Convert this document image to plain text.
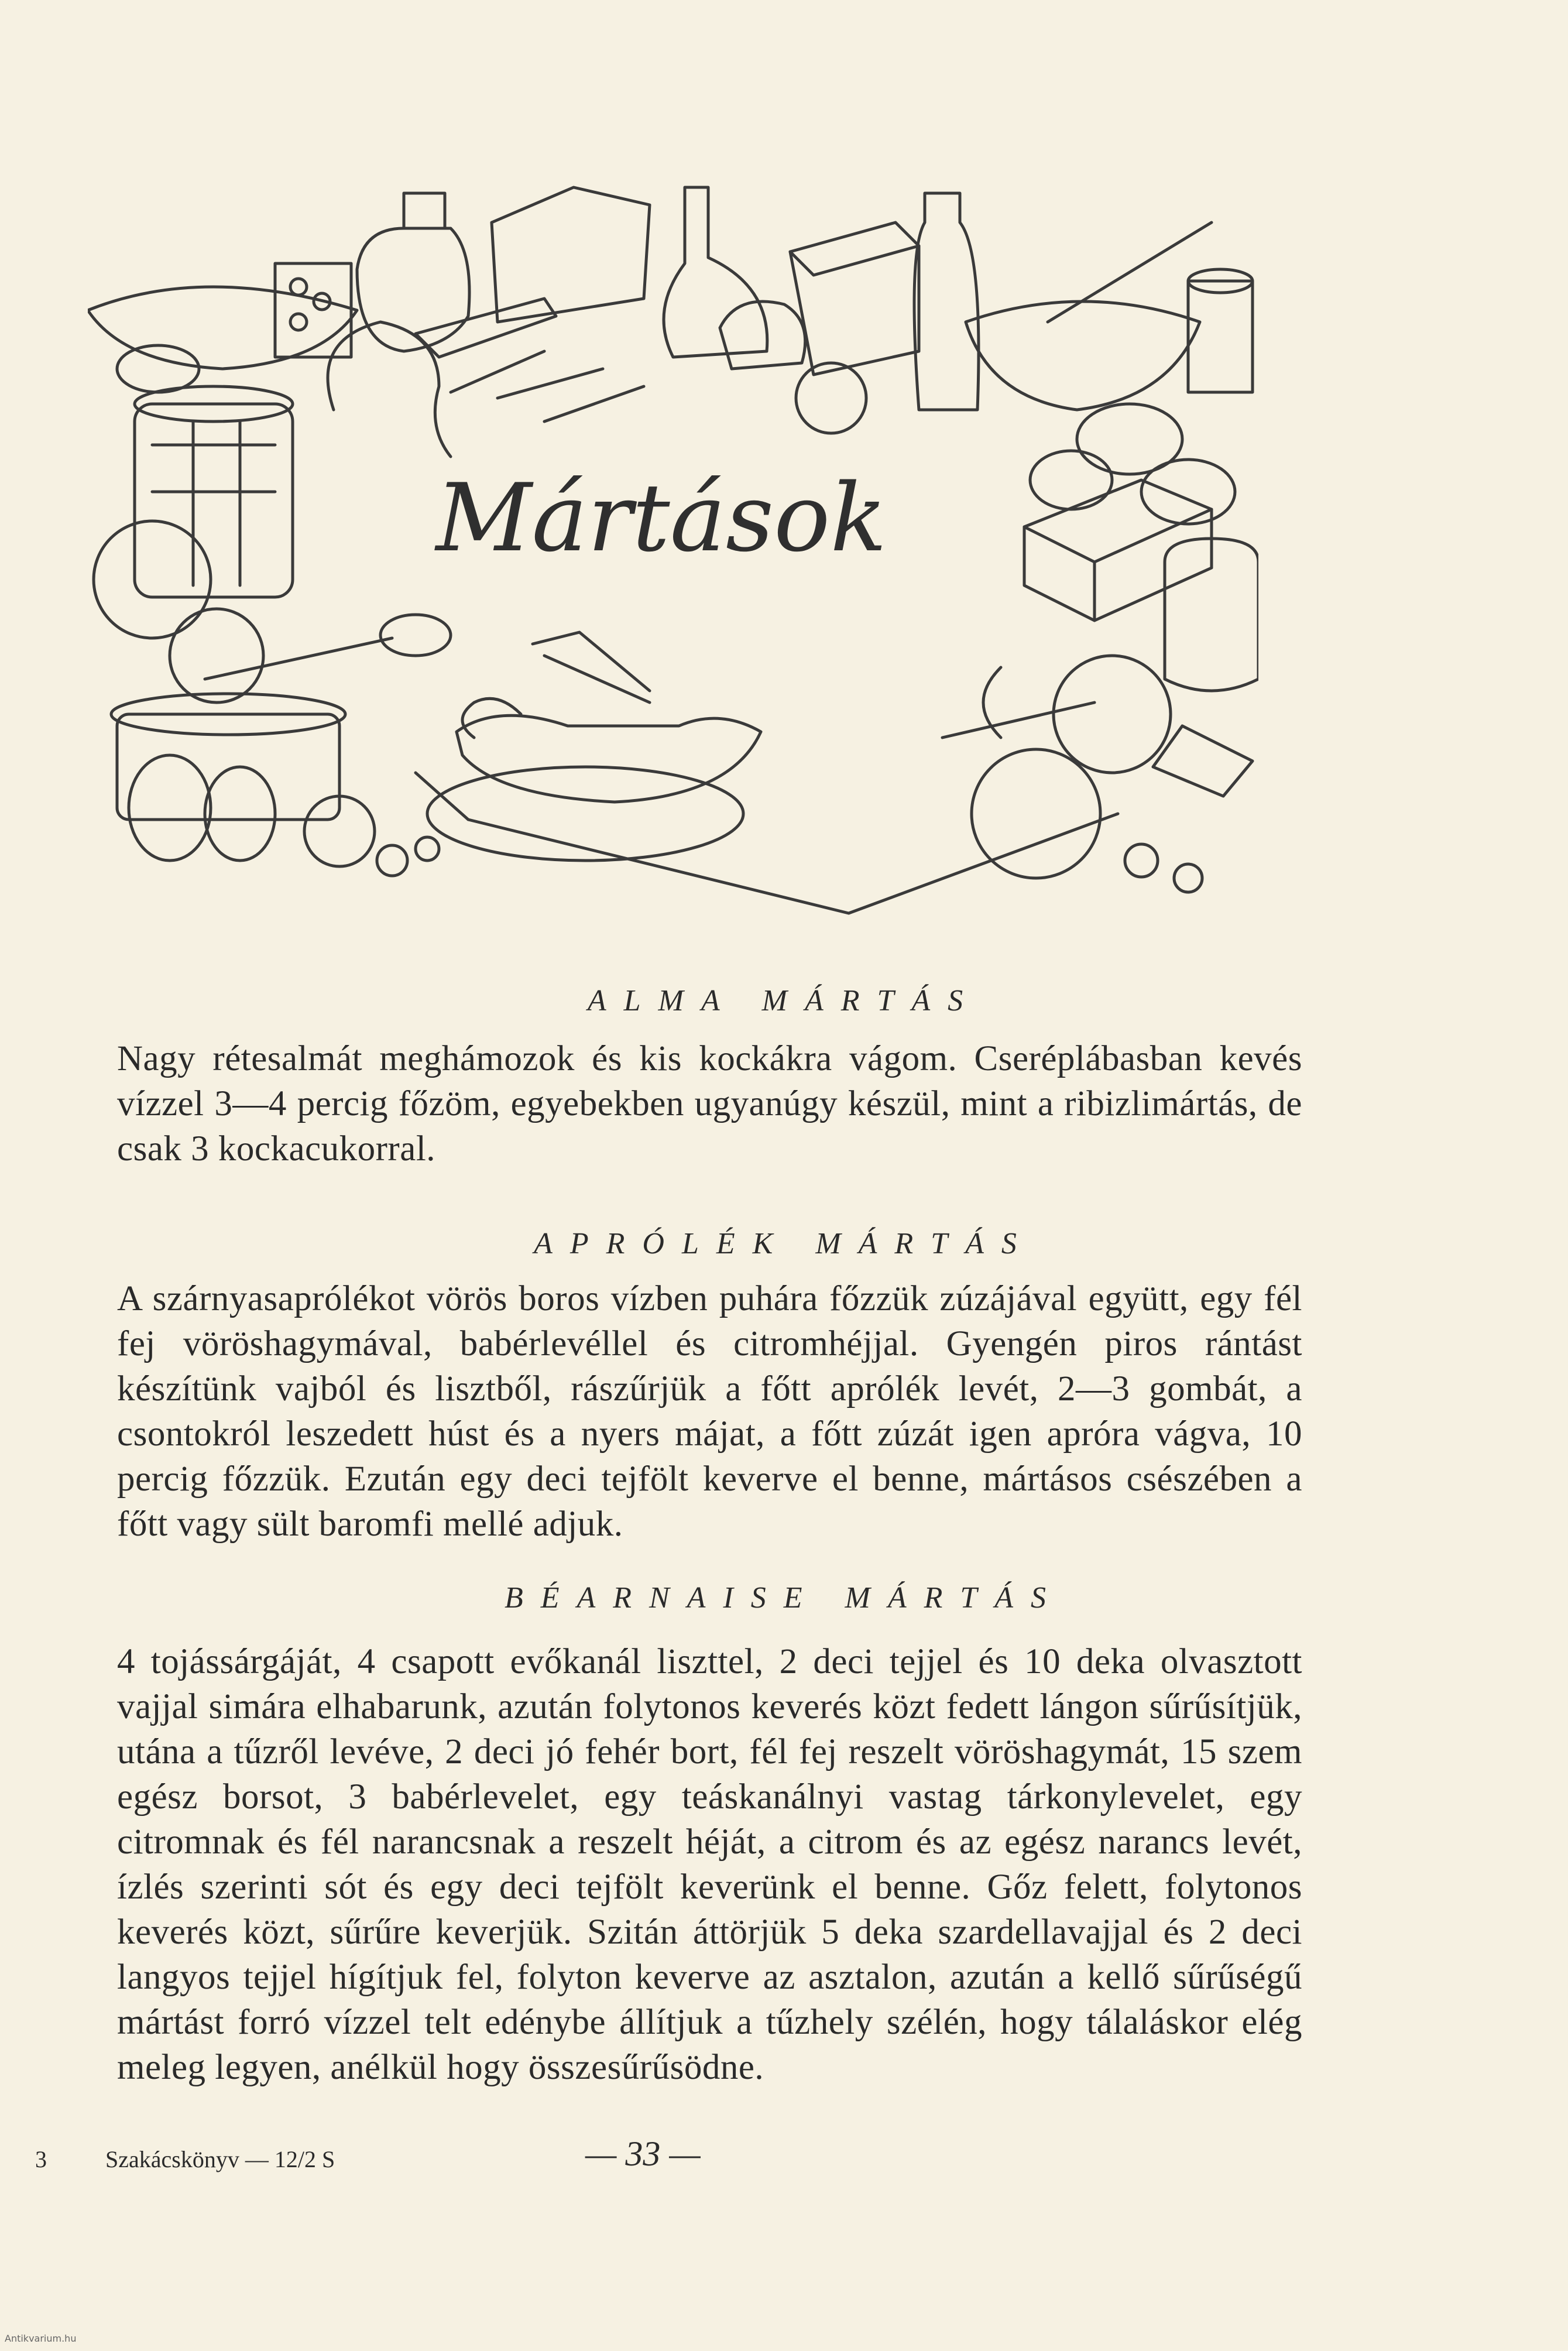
Mártások
ALMA MÁRTÁS
Nagy rétesalmát meghámozok és kis kockákra vágom. Cseréplábasban kevés vízzel 3—4 percig főzöm, egyebekben ugyanúgy készül, mint a ribizlimártás, de csak 3 kockacukorral.
APRÓLÉK MÁRTÁS
A szárnyasaprólékot vörös boros vízben puhára főzzük zúzájával együtt, egy fél fej vöröshagymával, babérlevéllel és citromhéjjal. Gyengén piros rántást készítünk vajból és lisztből, rászűrjük a főtt aprólék levét, 2—3 gombát, a csontokról leszedett húst és a nyers májat, a főtt zúzát igen apróra vágva, 10 percig főzzük. Ezután egy deci tejfölt keverve el benne, mártásos csészében a főtt vagy sült baromfi mellé adjuk.
BÉARNAISE MÁRTÁS
4 tojássárgáját, 4 csapott evőkanál liszttel, 2 deci tejjel és 10 deka olvasztott vajjal simára elhabarunk, azután folytonos keverés közt fedett lángon sűrűsítjük, utána a tűzről levéve, 2 deci jó fehér bort, fél fej reszelt vöröshagymát, 15 szem egész borsot, 3 babérlevelet, egy teáskanálnyi vastag tárkonylevelet, egy citromnak és fél narancsnak a reszelt héját, a citrom és az egész narancs levét, ízlés szerinti sót és egy deci tejfölt keverünk el benne. Gőz felett, folytonos keverés közt, sűrűre keverjük. Szitán áttörjük 5 deka szardellavajjal és 2 deci langyos tejjel hígítjuk fel, folyton keverve az asztalon, azután a kellő sűrűségű mártást forró vízzel telt edénybe állítjuk a tűzhely szélén, hogy tálaláskor elég meleg legyen, anélkül hogy összesűrűsödne.
3	Szakácskönyv — 12/2 S	— 33 —
Antikvarium.hu
